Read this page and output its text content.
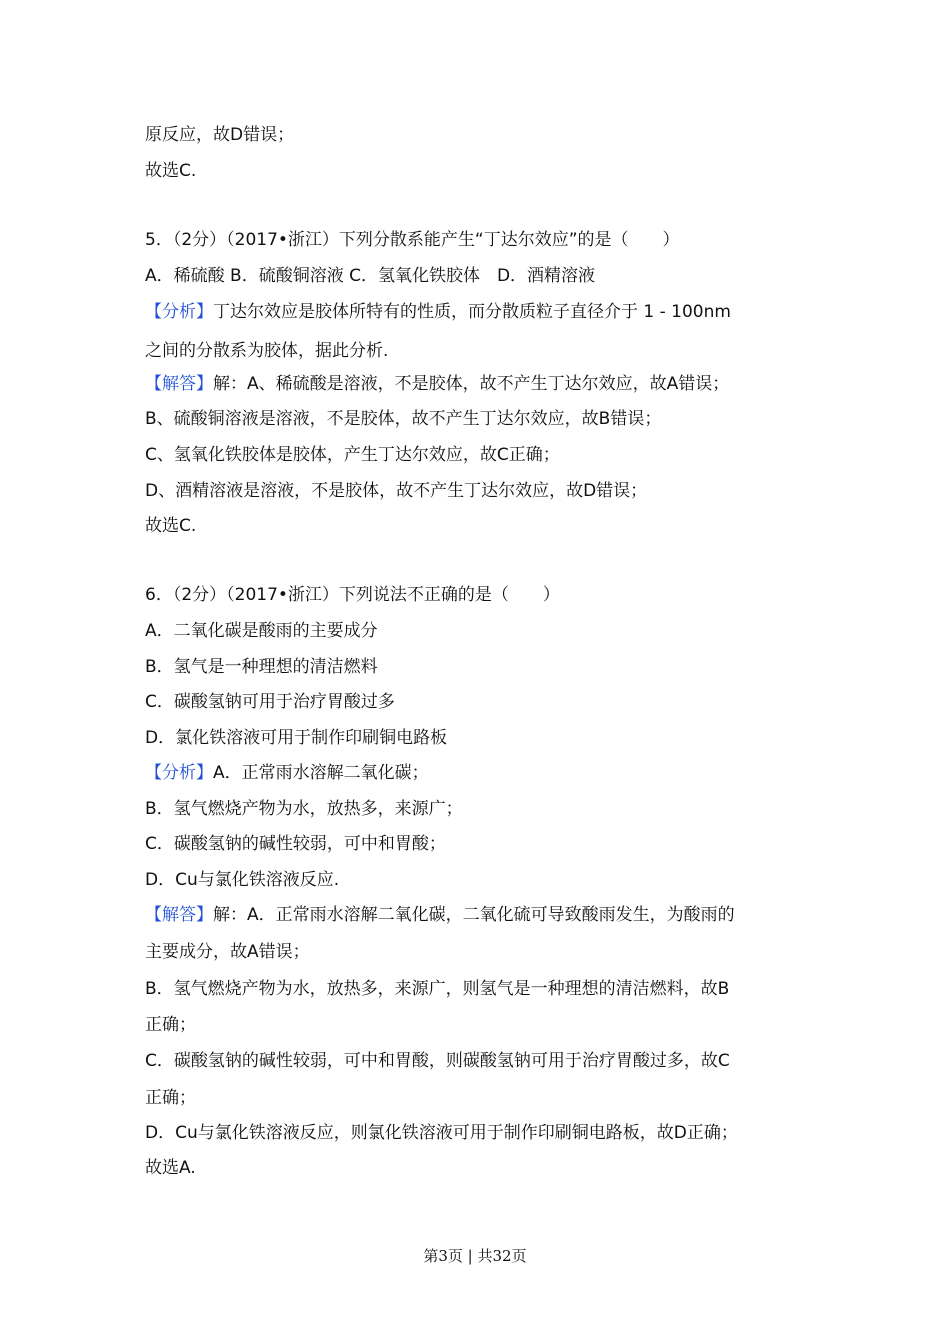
原反应，故D错误；
故选C.
5．（2分）（2017•浙江）下列分散系能产生“丁达尔效应”的是（　　）
A．稀硫酸 B．硫酸铜溶液 C．氢氧化铁胶体　D．酒精溶液
【分析】丁达尔效应是胶体所特有的性质，而分散质粒子直径介于 1 - 100nm
之间的分散系为胶体，据此分析.
【解答】解：A、稀硫酸是溶液，不是胶体，故不产生丁达尔效应，故A错误；
B、硫酸铜溶液是溶液，不是胶体，故不产生丁达尔效应，故B错误；
C、氢氧化铁胶体是胶体，产生丁达尔效应，故C正确；
D、酒精溶液是溶液，不是胶体，故不产生丁达尔效应，故D错误；
故选C.
6．（2分）（2017•浙江）下列说法不正确的是（　　）
A．二氧化碳是酸雨的主要成分
B．氢气是一种理想的清洁燃料
C．碳酸氢钠可用于治疗胃酸过多
D．氯化铁溶液可用于制作印刷铜电路板
【分析】A．正常雨水溶解二氧化碳；
B．氢气燃烧产物为水，放热多，来源广；
C．碳酸氢钠的碱性较弱，可中和胃酸；
D．Cu与氯化铁溶液反应.
【解答】解：A．正常雨水溶解二氧化碳，二氧化硫可导致酸雨发生，为酸雨的
主要成分，故A错误；
B．氢气燃烧产物为水，放热多，来源广，则氢气是一种理想的清洁燃料，故B
正确；
C．碳酸氢钠的碱性较弱，可中和胃酸，则碳酸氢钠可用于治疗胃酸过多，故C
正确；
D．Cu与氯化铁溶液反应，则氯化铁溶液可用于制作印刷铜电路板，故D正确；
故选A.
第3页 | 共32页
